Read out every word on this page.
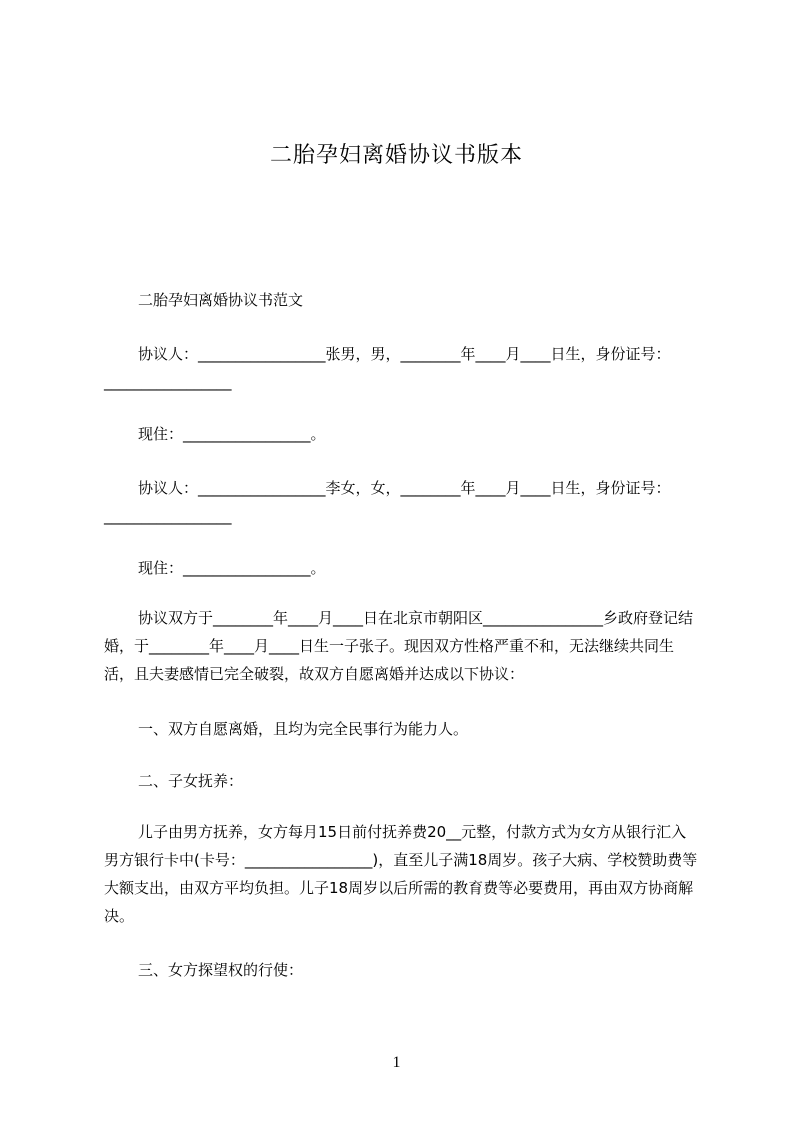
二胎孕妇离婚协议书版本

二胎孕妇离婚协议书范文

协议人：_________________张男，男，________年____月____日生，身份证号：_________________

现住：_________________。

协议人：_________________李女，女，________年____月____日生，身份证号：_________________

现住：_________________。

协议双方于________年____月____日在北京市朝阳区________________乡政府登记结婚，于________年____月____日生一子张子。现因双方性格严重不和，无法继续共同生活，且夫妻感情已完全破裂，故双方自愿离婚并达成以下协议：

一、双方自愿离婚，且均为完全民事行为能力人。

二、子女抚养：

儿子由男方抚养，女方每月15日前付抚养费20__元整，付款方式为女方从银行汇入男方银行卡中(卡号：_________________)，直至儿子满18周岁。孩子大病、学校赞助费等大额支出，由双方平均负担。儿子18周岁以后所需的教育费等必要费用，再由双方协商解决。

三、女方探望权的行使：

1
